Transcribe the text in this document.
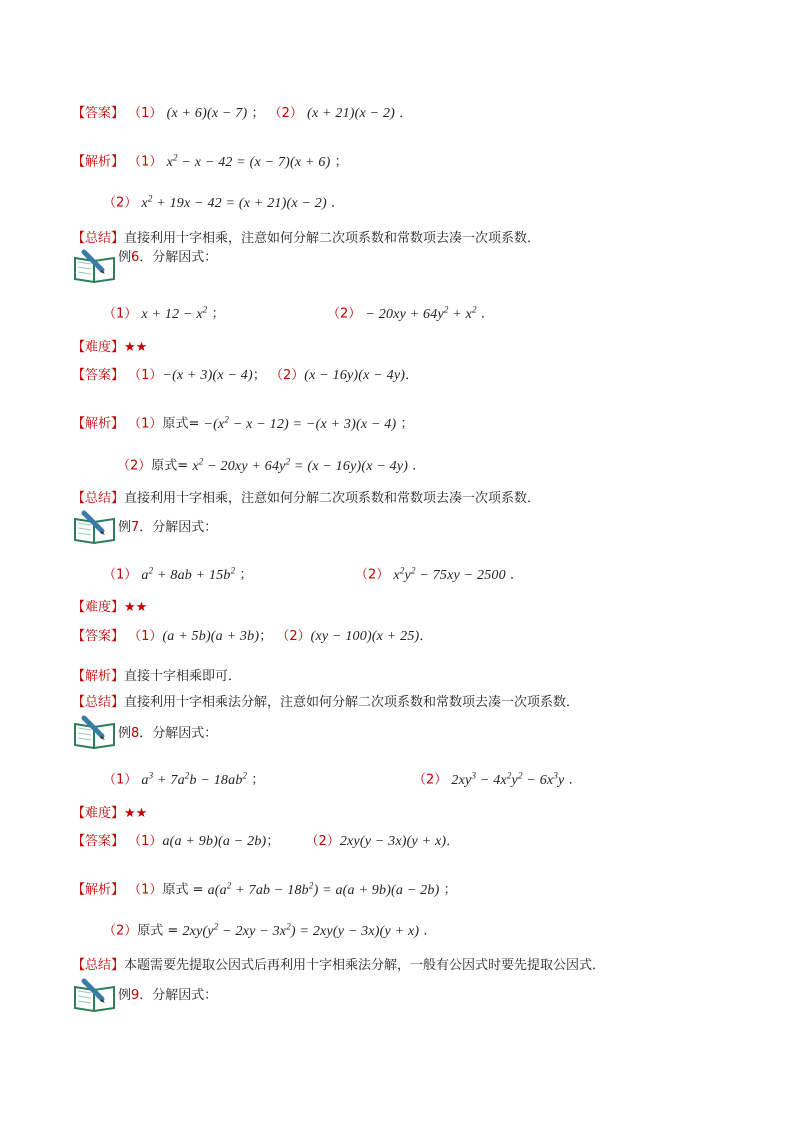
【答案】 （1） (x + 6)(x − 7) ； （2） (x + 21)(x − 2) ．
【解析】 （1） $x^2 - x - 42 = (x - 7)(x + 6)$ ；
（2） $x^2 + 19x - 42 = (x + 21)(x - 2)$ ．
【总结】直接利用十字相乘，注意如何分解二次项系数和常数项去凑一次项系数．
例6．分解因式：
（1） $x + 12 - x^2$ ；	$(2) - 20xy + 64y^2 + x^2$ ．
【难度】★★
【答案】 （1）−(x + 3)(x − 4)； （2）(x − 16y)(x − 4y)．
【解析】 （1）原式= $-(x^2 - x - 12) = -(x + 3)(x - 4)$ ；
（2）原式= $x^2 - 20xy + 64y^2 = (x - 16y)(x - 4y)$ ．
【总结】直接利用十字相乘，注意如何分解二次项系数和常数项去凑一次项系数．
例7．分解因式：
（1） $a^2 + 8ab + 15b^2$ ；	（2） $x^2y^2 - 75xy - 2500$ ．
【难度】★★
【答案】 （1）(a + 5b)(a + 3b)； （2）(xy − 100)(x + 25)．
【解析】直接十字相乘即可．
【总结】直接利用十字相乘法分解，注意如何分解二次项系数和常数项去凑一次项系数．
例8．分解因式：
（1） $a^3 + 7a^2b - 18ab^2$ ；	（2） $2xy^3 - 4x^2y^2 - 6x^3y$ ．
【难度】★★
【答案】 （1）a(a + 9b)(a − 2b)； （2）2xy(y − 3x)(y + x)．
【解析】 （1）原式 = $a(a^2 + 7ab - 18b^2) = a(a + 9b)(a - 2b)$ ；
（2）原式 = $2xy(y^2 - 2xy - 3x^2) = 2xy(y - 3x)(y + x)$ ．
【总结】本题需要先提取公因式后再利用十字相乘法分解，一般有公因式时要先提取公因式．
例9．分解因式：
